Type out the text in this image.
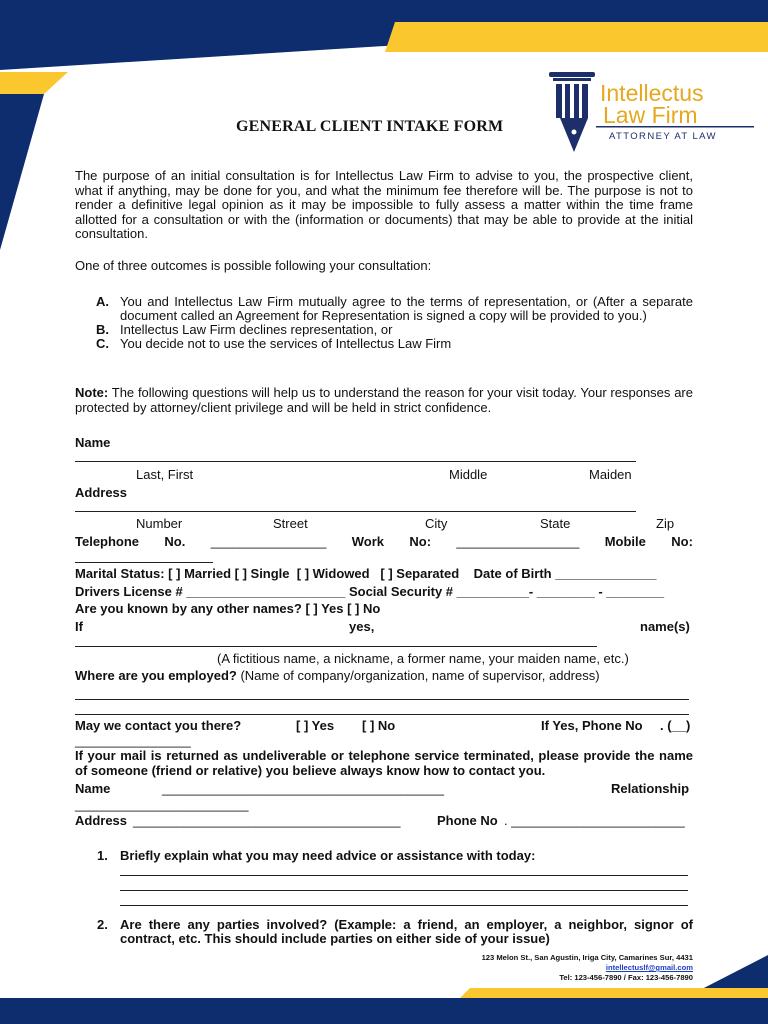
Intellectus
Law Firm
ATTORNEY AT LAW
GENERAL CLIENT INTAKE FORM
The purpose of an initial consultation is for Intellectus Law Firm to advise to you, the prospective client, what if anything, may be done for you, and what the minimum fee therefore will be. The purpose is not to render a definitive legal opinion as it may be impossible to fully assess a matter within the time frame allotted for a consultation or with the (information or documents) that may be able to provide at the initial consultation.
One of three outcomes is possible following your consultation:
A. You and Intellectus Law Firm mutually agree to the terms of representation, or (After a separate document called an Agreement for Representation is signed a copy will be provided to you.)
B. Intellectus Law Firm declines representation, or
C. You decide not to use the services of Intellectus Law Firm
Note: The following questions will help us to understand the reason for your visit today. Your responses are protected by attorney/client privilege and will be held in strict confidence.
Name
Last, First	Middle	Maiden
Address
Number	Street	City	State	Zip
Telephone No. ________________ Work No: _________________ Mobile No:
Marital Status: [ ] Married [ ] Single  [ ] Widowed   [ ] Separated    Date of Birth ______________
Drivers License # ______________________ Social Security # __________- ________ - ________
Are you known by any other names? [ ] Yes [ ] No
If	yes,	name(s)
(A fictitious name, a nickname, a former name, your maiden name, etc.)
Where are you employed? (Name of company/organization, name of supervisor, address)
May we contact you there?	[ ] Yes [ ] No	If Yes, Phone No . (__)
________________
If your mail is returned as undeliverable or telephone service terminated, please provide the name of someone (friend or relative) you believe always know how to contact you.
Name	_______________________________________	Relationship
________________________
Address _____________________________________	Phone No . ________________________
1. Briefly explain what you may need advice or assistance with today:
2. Are there any parties involved? (Example: a friend, an employer, a neighbor, signor of contract, etc. This should include parties on either side of your issue)
123 Melon St., San Agustin, Iriga City, Camarines Sur, 4431
intellectuslf@gmail.com
Tel: 123-456-7890 / Fax: 123-456-7890
